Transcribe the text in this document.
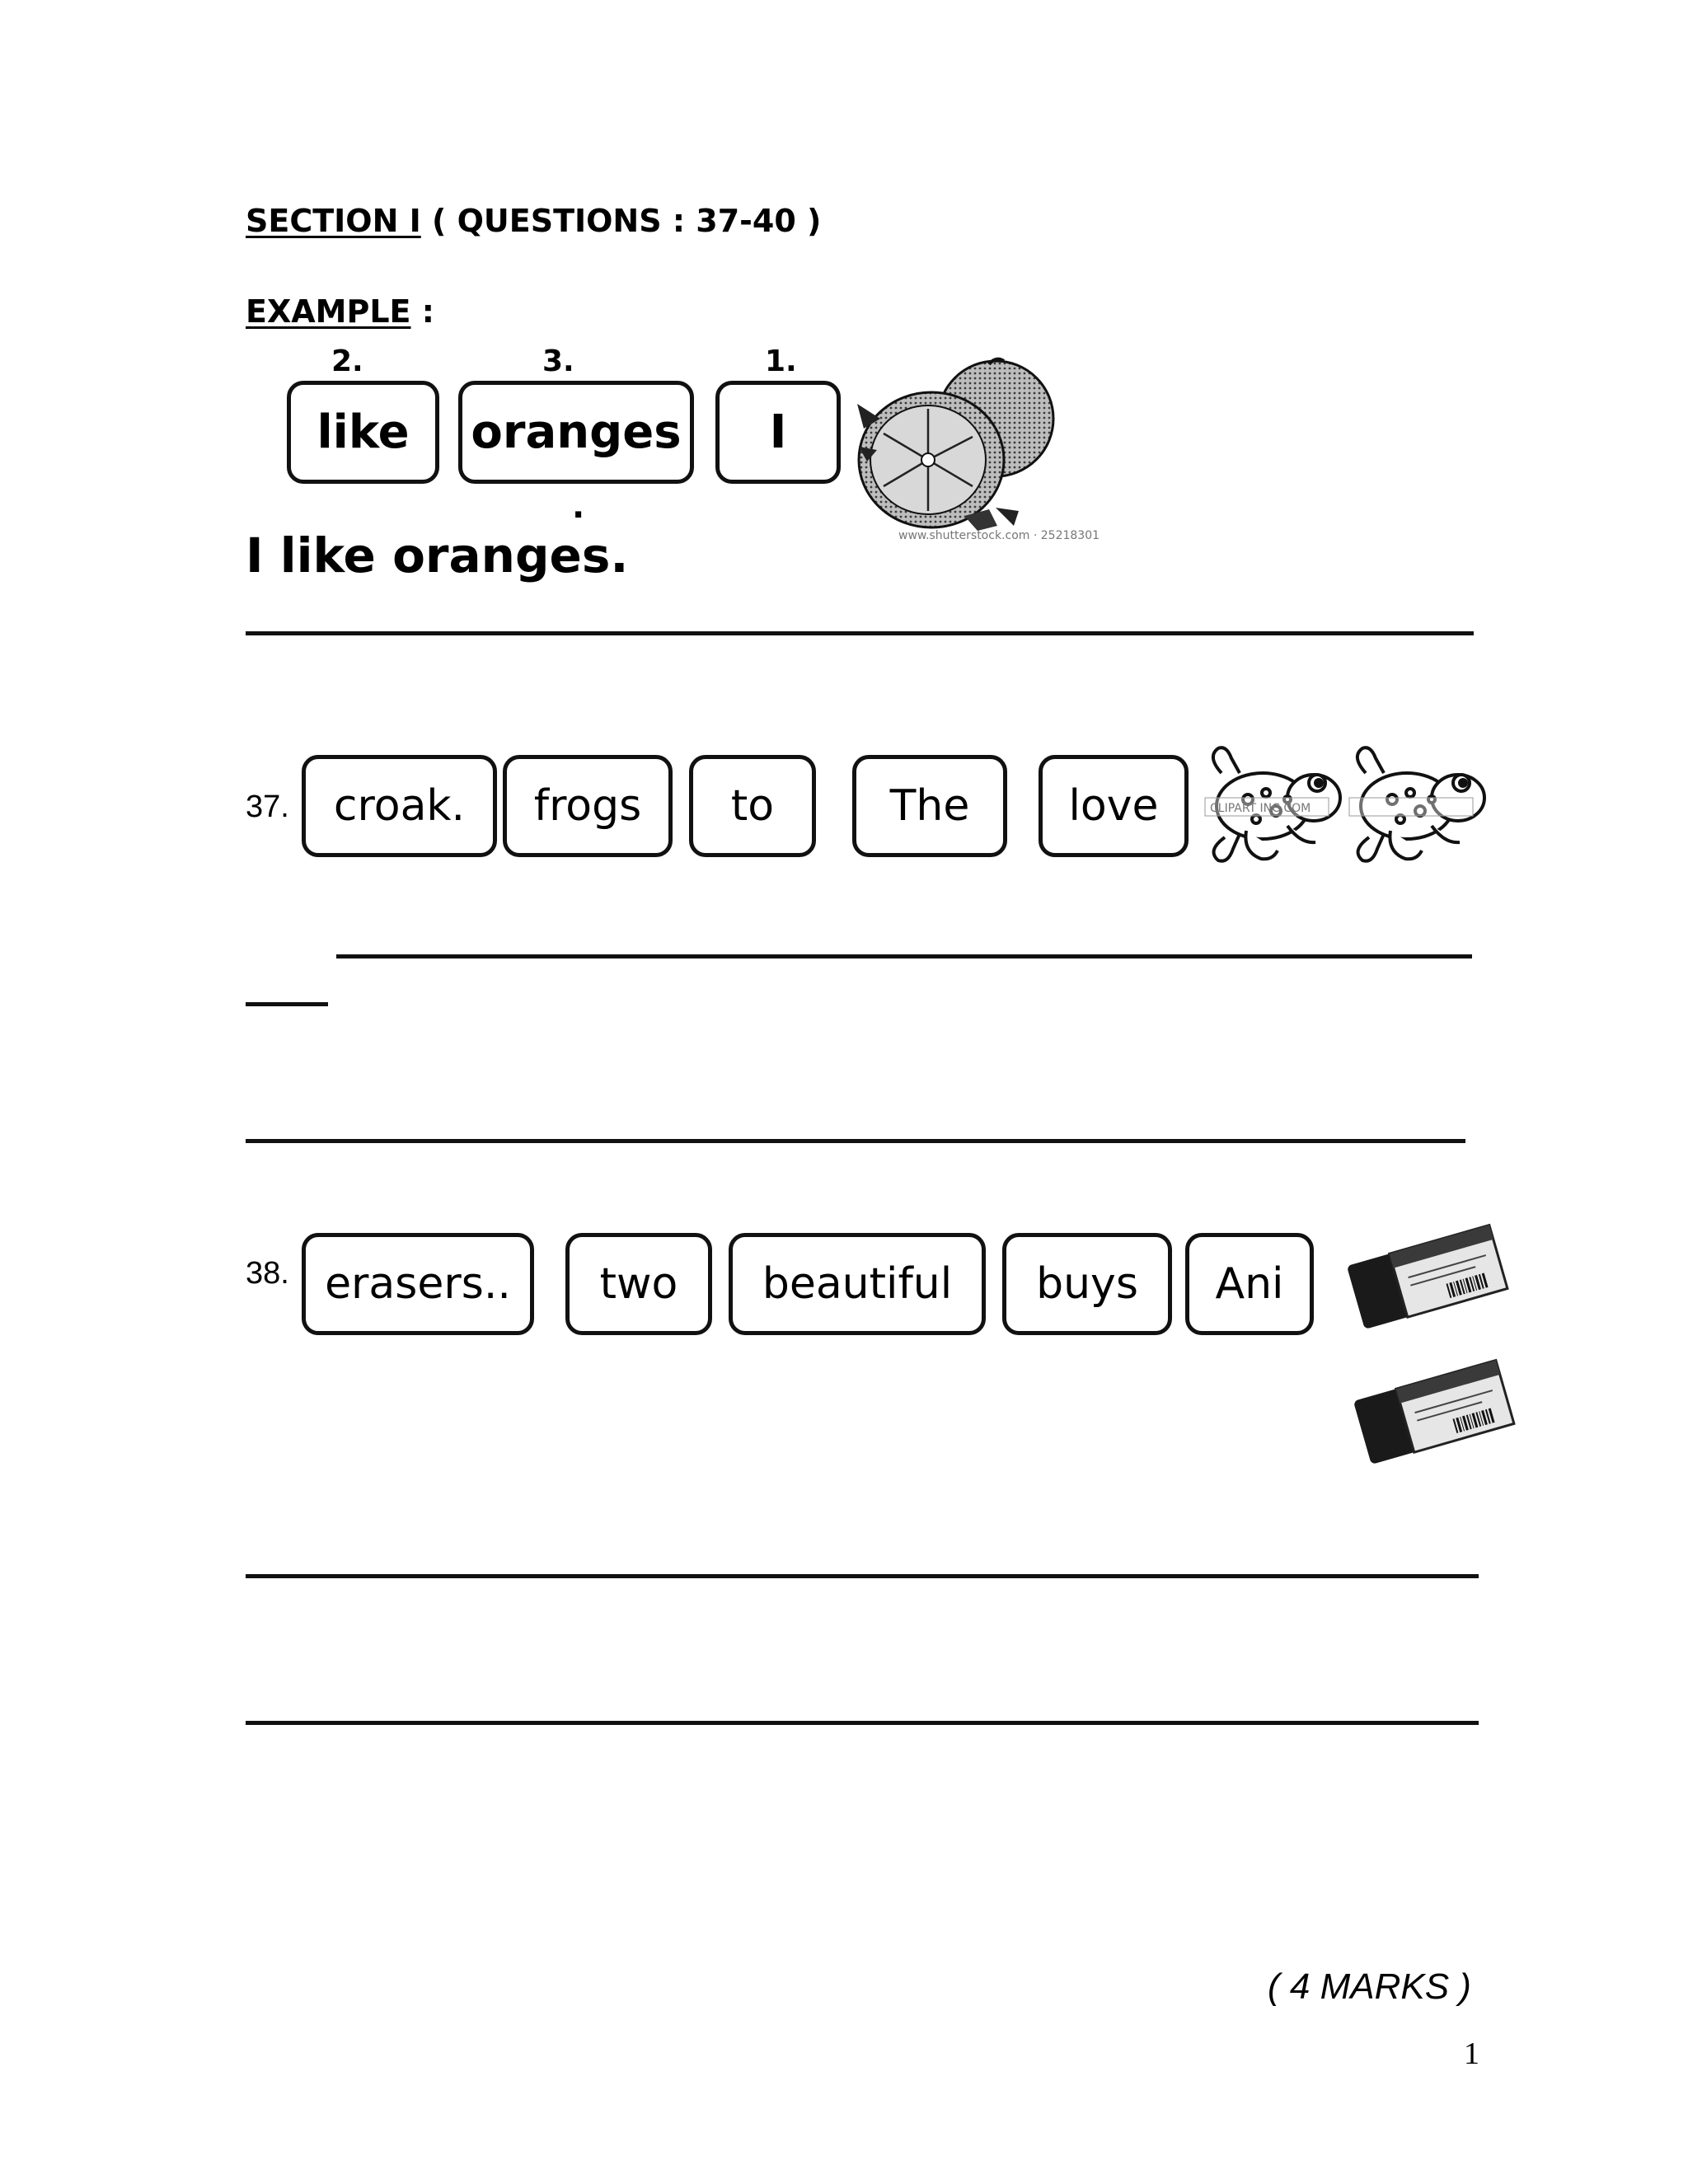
SECTION I ( QUESTIONS : 37-40 )
EXAMPLE :
2.	3.	1.
like	oranges	I
.
www.shutterstock.com · 25218301
I like oranges.
37.	croak.	frogs	to	The	love	CLIPART INC.COM
38. erasers..	two	beautiful	buys	Ani
( 4 MARKS )
1
